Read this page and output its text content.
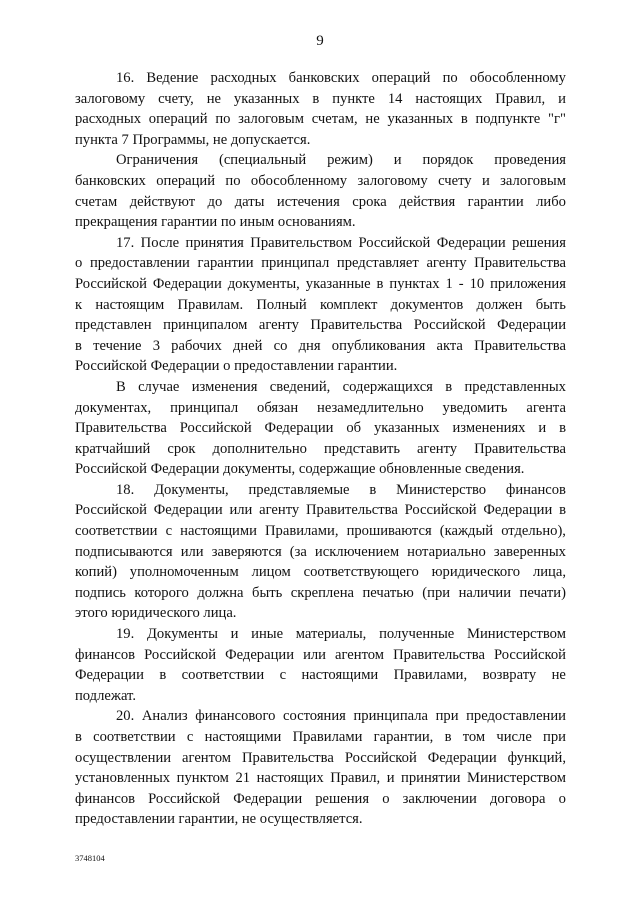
9
16. Ведение расходных банковских операций по обособленному
залоговому счету, не указанных в пункте 14 настоящих Правил, и
расходных операций по залоговым счетам, не указанных в подпункте "г"
пункта 7 Программы, не допускается.
Ограничения (специальный режим) и порядок проведения
банковских операций по обособленному залоговому счету и залоговым
счетам действуют до даты истечения срока действия гарантии либо
прекращения гарантии по иным основаниям.
17. После принятия Правительством Российской Федерации решения
о предоставлении гарантии принципал представляет агенту Правительства
Российской Федерации документы, указанные в пунктах 1 - 10 приложения
к настоящим Правилам. Полный комплект документов должен быть
представлен принципалом агенту Правительства Российской Федерации
в течение 3 рабочих дней со дня опубликования акта Правительства
Российской Федерации о предоставлении гарантии.
В случае изменения сведений, содержащихся в представленных
документах, принципал обязан незамедлительно уведомить агента
Правительства Российской Федерации об указанных изменениях и в
кратчайший срок дополнительно представить агенту Правительства
Российской Федерации документы, содержащие обновленные сведения.
18. Документы, представляемые в Министерство финансов
Российской Федерации или агенту Правительства Российской Федерации в
соответствии с настоящими Правилами, прошиваются (каждый отдельно),
подписываются или заверяются (за исключением нотариально заверенных
копий) уполномоченным лицом соответствующего юридического лица,
подпись которого должна быть скреплена печатью (при наличии печати)
этого юридического лица.
19. Документы и иные материалы, полученные Министерством
финансов Российской Федерации или агентом Правительства Российской
Федерации в соответствии с настоящими Правилами, возврату не
подлежат.
20. Анализ финансового состояния принципала при предоставлении
в соответствии с настоящими Правилами гарантии, в том числе при
осуществлении агентом Правительства Российской Федерации функций,
установленных пунктом 21 настоящих Правил, и принятии Министерством
финансов Российской Федерации решения о заключении договора о
предоставлении гарантии, не осуществляется.
3748104
